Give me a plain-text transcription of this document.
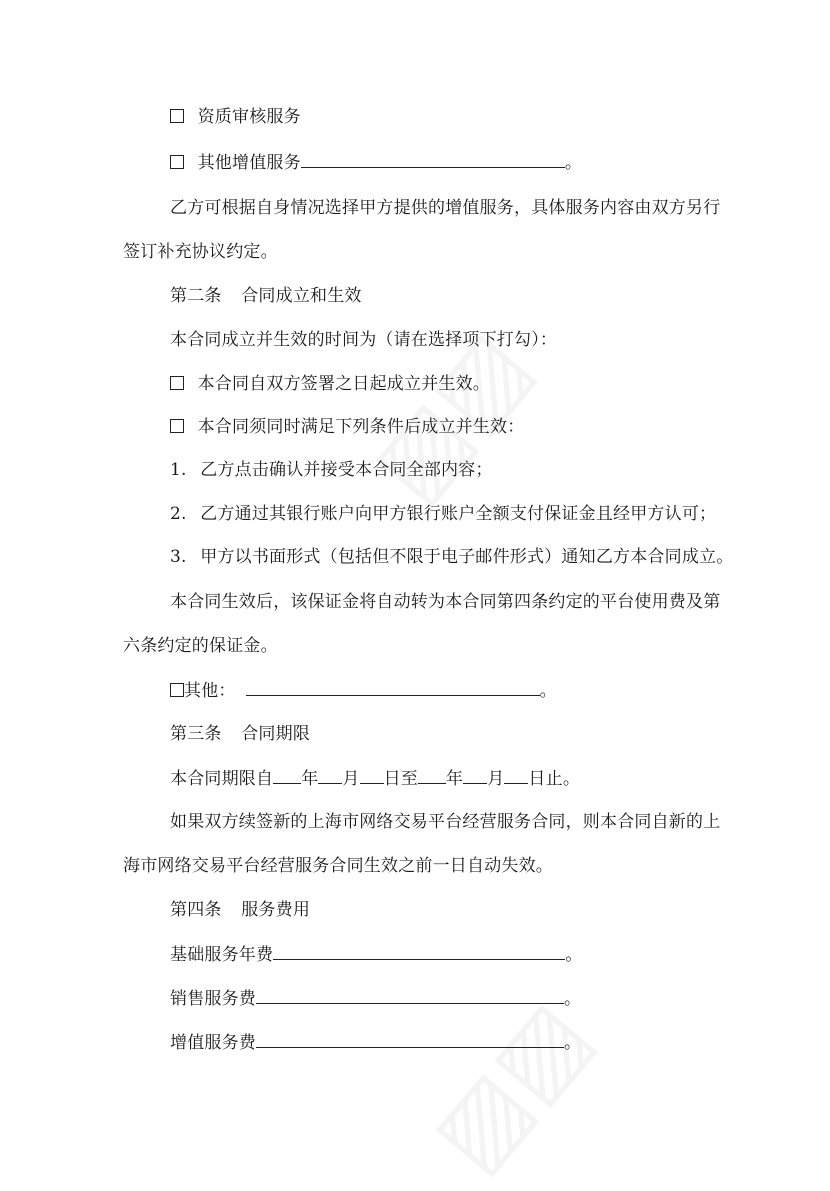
资质审核服务
其他增值服务	。
乙方可根据自身情况选择甲方提供的增值服务，具体服务内容由双方另行
签订补充协议约定。
第二条 合同成立和生效
本合同成立并生效的时间为（请在选择项下打勾）：
本合同自双方签署之日起成立并生效。
本合同须同时满足下列条件后成立并生效：
1. 乙方点击确认并接受本合同全部内容；
2. 乙方通过其银行账户向甲方银行账户全额支付保证金且经甲方认可；
3. 甲方以书面形式（包括但不限于电子邮件形式）通知乙方本合同成立。
本合同生效后，该保证金将自动转为本合同第四条约定的平台使用费及第
六条约定的保证金。
其他：	。
第三条 合同期限
本合同期限自 年 月 日至 年 月 日止。
如果双方续签新的上海市网络交易平台经营服务合同，则本合同自新的上
海市网络交易平台经营服务合同生效之前一日自动失效。
第四条 服务费用
基础服务年费	。
销售服务费	。
增值服务费	。
